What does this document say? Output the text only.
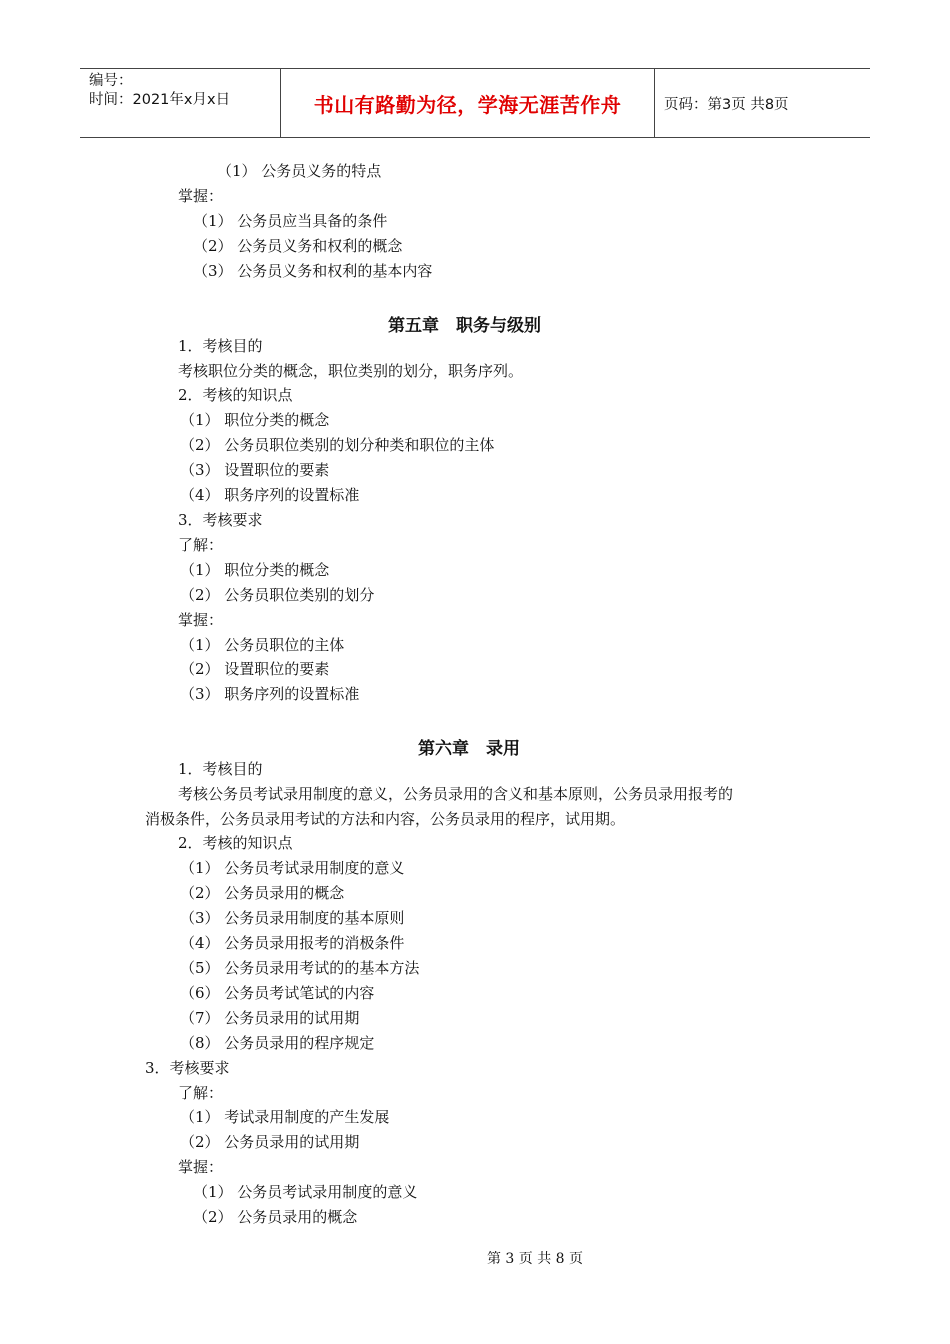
编号：
时间：2021年x月x日	书山有路勤为径，学海无涯苦作舟	页码：第3页 共8页
（1） 公务员义务的特点
掌握：
（1） 公务员应当具备的条件
（2） 公务员义务和权利的概念
（3） 公务员义务和权利的基本内容
第五章　职务与级别
1．考核目的
考核职位分类的概念，职位类别的划分，职务序列。
2．考核的知识点
（1） 职位分类的概念
（2） 公务员职位类别的划分种类和职位的主体
（3） 设置职位的要素
（4） 职务序列的设置标准
3．考核要求
了解：
（1） 职位分类的概念
（2） 公务员职位类别的划分
掌握：
（1） 公务员职位的主体
（2） 设置职位的要素
（3） 职务序列的设置标准
第六章　录用
1．考核目的
考核公务员考试录用制度的意义，公务员录用的含义和基本原则，公务员录用报考的
消极条件，公务员录用考试的方法和内容，公务员录用的程序，试用期。
2．考核的知识点
（1） 公务员考试录用制度的意义
（2） 公务员录用的概念
（3） 公务员录用制度的基本原则
（4） 公务员录用报考的消极条件
（5） 公务员录用考试的的基本方法
（6） 公务员考试笔试的内容
（7） 公务员录用的试用期
（8） 公务员录用的程序规定
3．考核要求
了解：
（1） 考试录用制度的产生发展
（2） 公务员录用的试用期
掌握：
（1） 公务员考试录用制度的意义
（2） 公务员录用的概念
第 3 页 共 8 页
